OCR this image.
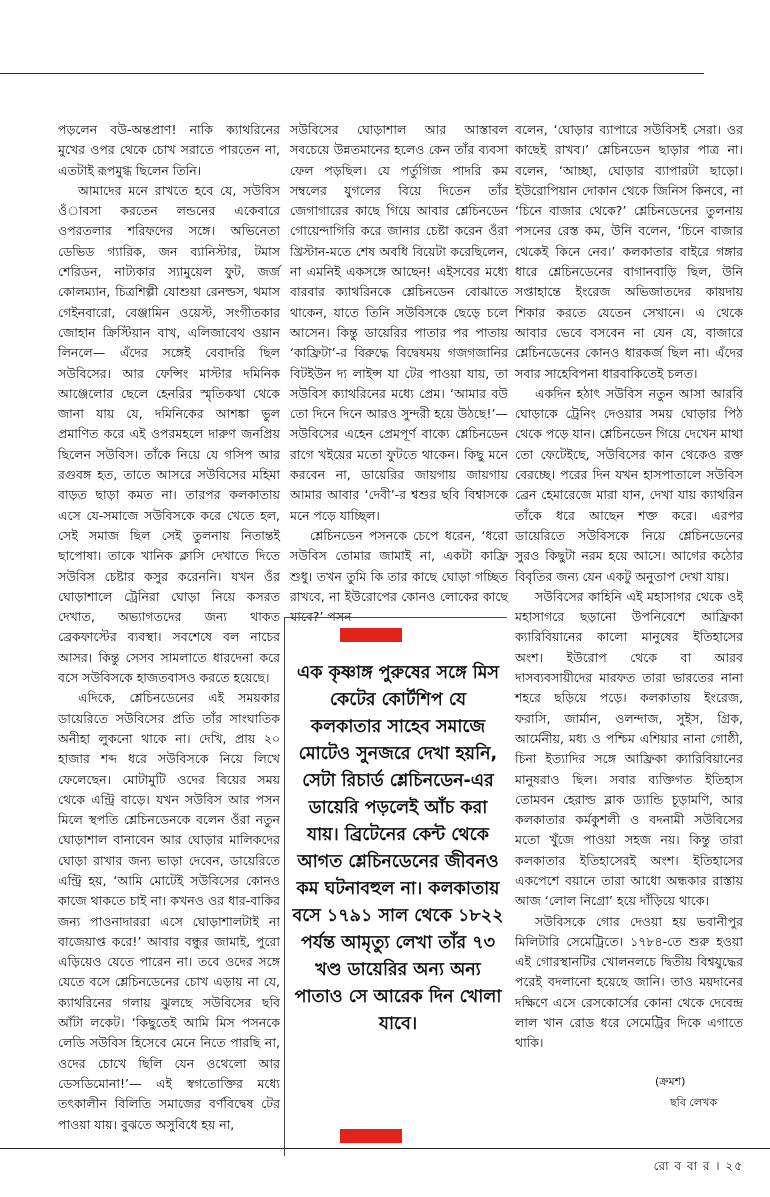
পড়লেন বউ-অন্তপ্রাণ! নাকি ক্যাথরিনের মুখের ওপর থেকে চোখ সরাতে পারতেন না, এতটাই রূপমুগ্ধ ছিলেন তিনি।

আমাদের মনে রাখতে হবে যে, সউবিস ওঁাবসা করতেন লন্ডনের একেবারে ওপরতলার শরিফদের সঙ্গে। অভিনেতা ডেভিড গ্যারিক, জন ব্যানিস্টার, টমাস শেরিডন, নাট্যকার স্যামুয়েল ফুট, জর্জ কোলম্যান, চিত্রশিল্পী যোশুয়া রেনল্ডস, থমাস গেইনবারো, বেঞ্জামিন ওয়েস্ট, সংগীতকার জোহান ক্রিস্টিয়ান বাখ, এলিজাবেথ ওয়ান লিনলে— এঁদের সঙ্গেই বেবাদরি ছিল সউবিসের। আর ফেন্সিং মাস্টার দমিনিক আঞ্জেলোর ছেলে হেনরির স্মৃতিকথা থেকে জানা যায় যে, দমিনিকের আশঙ্কা ভুল প্রমাণিত করে এই ওপরমহলে দারুণ জনপ্রিয় ছিলেন সউবিস। তাঁকে নিয়ে যে গসিপ আর রগুবঙ্গ হত, তাতে আসরে সউবিসের মহিমা বাড়ত ছাড়া কমত না। তারপর কলকাতায় এসে যে-সমাজে সউবিসকে করে খেতে হল, সেই সমাজ ছিল সেই তুলনায় নিতান্তই ছাপোষা। তাকে খানিক ক্লাসি দেখাতে দিতে সউবিস চেষ্টার কসুর করেননি। যখন ওঁর ঘোড়াশালে ট্রেনিরা ঘোড়া নিয়ে কসরত দেখাত, অভ্যাগতদের জন্য থাকত ব্রেকফাস্টের ব্যবস্থা। সবশেষে বল নাচের আসর। কিন্তু সেসব সামলাতে ধারদেনা করে বসে সউবিসকে হাজতবাসও করতে হয়েছে।

এদিকে, শ্লেচিনডেনের এই সময়কার ডায়েরিতে সউবিসের প্রতি তাঁর সাংঘাতিক অনীহা লুকনো থাকে না। দেখি, প্রায় ২০ হাজার শব্দ ধরে সউবিসকে নিয়ে লিখে ফেলেছেন। মোটামুটি ওদের বিয়ের সময় থেকে এন্ট্রি বাড়ে। যখন সউবিস আর পসন মিলে স্থপতি শ্লেচিনডেনকে বলেন ওঁরা নতুন ঘোড়াশাল বানাবেন আর ঘোড়ার মালিকদের ঘোড়া রাখার জন্য ভাড়া দেবেন, ডায়েরিতে এন্ট্রি হয়, ‘আমি মোটেই সউবিসের কোনও কাজে থাকতে চাই না। কখনও ওর ধার-বাকির জন্য পাওনাদাররা এসে ঘোড়াশালটাই না বাজেয়াপ্ত করে!’ আবার বন্ধুর জামাই, পুরো এড়িয়েও যেতে পারেন না। তবে ওদের সঙ্গে যেতে বসে শ্লেচিনডেনের চোখ এড়ায় না যে, ক্যাথরিনের গলায় ঝুলছে সউবিসের ছবি আঁটা লকেট। ‘কিছুতেই আমি মিস পসনকে লেডি সউবিস হিসেবে মেনে নিতে পারছি না, ওদের চোখে ছিলি যেন ওথেলো আর ডেসডিমোনা!’— এই স্বগতোক্তির মধ্যে তৎকালীন বিলিতি সমাজের বর্ণবিদ্বেষ টের পাওয়া যায়। বুঝতে অসুবিধে হয় না,

সউবিসের ঘোড়াশাল আর আস্তাবল সবচেয়ে উন্নতমানের হলেও কেন তাঁর ব্যবসা ফেল পড়ছিল। যে পর্তুগিজ পাদরি কম সম্বলের যুগলের বিয়ে দিতেন তাঁর জেগাগারের কাছে গিয়ে আবার শ্লেচিনডেন গোয়েন্দাগিরি করে জানার চেষ্টা করেন ওঁরা খ্রিস্টান-মতে শেষ অবধি বিয়েটা করেছিলেন, না এমনিই একসঙ্গে আছেন! এইসবের মধ্যে বারবার ক্যাথরিনকে শ্লেচিনডেন বোঝাতে থাকেন, যাতে তিনি সউবিসকে ছেড়ে চলে আসেন। কিন্তু ডায়েরির পাতার পর পাতায় ‘কাফ্রিটা’-র বিরুদ্ধে বিদ্বেষময় গজগজানির বিটইউন দ্য লাইন্স যা টের পাওয়া যায়, তা সউবিস ক্যাথরিনের মধ্যে প্রেম। ‘আমার বউ তো দিনে দিনে আরও সুন্দরী হয়ে উঠছে!’— সউবিসের এহেন প্রেমপূর্ণ বাক্যে শ্লেচিনডেন রাগে খইয়ের মতো ফুটতে থাকেন। কিছু মনে করবেন না, ডায়েরির জায়গায় জায়গায় আমার আবার ‘দেবী’-র শ্বশুর ছবি বিশ্বাসকে মনে পড়ে যাচ্ছিল।

শ্লেচিনডেন পসনকে চেপে ধরেন, ‘ধরো সউবিস তোমার জামাই না, একটা কাফ্রি শুধু। তখন তুমি কি তার কাছে ঘোড়া গচ্ছিত রাখবে, না ইউরোপের কোনও লোকের কাছে যাবে?’ পসন

এক কৃষ্ণাঙ্গ পুরুষের সঙ্গে মিস কেটের কোর্টশিপ যে কলকাতার সাহেব সমাজে মোটেও সুনজরে দেখা হয়নি, সেটা রিচার্ড শ্লেচিনডেন-এর ডায়েরি পড়লেই আঁচ করা যায়। ব্রিটেনের কেন্ট থেকে আগত শ্লেচিনডেনের জীবনও কম ঘটনাবহুল না। কলকাতায় বসে ১৭৯১ সাল থেকে ১৮২২ পর্যন্ত আমৃত্যু লেখা তাঁর ৭৩ খণ্ড ডায়েরির অন্য অন্য পাতাও সে আরেক দিন খোলা যাবে।

বলেন, ‘ঘোড়ার ব্যাপারে সউবিসই সেরা। ওর কাছেই রাখব।’ শ্লেচিনডেন ছাড়ার পাত্র না। বলেন, ‘আচ্ছা, ঘোড়ার ব্যাপারটা ছাড়ো। ইউরোপিয়ান দোকান থেকে জিনিস কিনবে, না ‘চিনে বাজার থেকে?’ শ্লেচিনডেনের তুলনায় পসনের রেস্ত কম, উনি বলেন, ‘চিনে বাজার থেকেই কিনে নেব।’ কলকাতার বাইরে গঙ্গার ধারে শ্লেচিনডেনের বাগানবাড়ি ছিল, উনি সপ্তাহান্তে ইংরেজ অভিজাতদের কায়দায় শিকার করতে যেতেন সেখানে। এ থেকে আবার ভেবে বসবেন না যেন যে, বাজারে শ্লেচিনডেনের কোনও ধারকর্জ ছিল না। এঁদের সবার সাহেবিপনা ধারবাকিতেই চলত।

একদিন হঠাৎ সউবিস নতুন আসা আরবি ঘোড়াকে ট্রেনিং দেওয়ার সময় ঘোড়ার পিঠ থেকে পড়ে যান। শ্লেচিনডেন গিয়ে দেখেন মাথা তো ফেটেইছে, সউবিসের কান থেকেও রক্ত বেরচ্ছে। পরের দিন যখন হাসপাতালে সউবিস ব্রেন হেমারেজে মারা যান, দেখা যায় ক্যাথরিন তাঁকে ধরে আছেন শক্ত করে। এরপর ডায়েরিতে সউবিসকে নিয়ে শ্লেচিনডেনের সুরও কিছুটা নরম হয়ে আসে। আগের কঠোর বিবৃতির জন্য যেন একটু অনুতাপ দেখা যায়।

সউবিসের কাহিনি এই মহাসাগর থেকে ওই মহাসাগরে ছড়ানো উপনিবেশে আফ্রিকা ক্যারিবিয়ানের কালো মানুষের ইতিহাসের অংশ। ইউরোপ থেকে বা আরব দাসব্যবসায়ীদের মারফত তারা ভারতের নানা শহরে ছড়িয়ে পড়ে। কলকাতায় ইংরেজ, ফরাসি, জার্মান, ওলন্দাজ, সুইস, গ্রিক, আর্মেনীয়, মধ্য ও পশ্চিম এশিয়ার নানা গোষ্ঠী, চিনা ইত্যাদির সঙ্গে আফ্রিকা ক্যারিবিয়ানের মানুষরাও ছিল। সবার ব্যক্তিগত ইতিহাস তোমবন হেরাল্ড ব্লাক ড্যান্ডি চূড়ামণি, আর কলকাতার কর্মকুশলী ও বদনামী সউবিসের মতো খুঁজে পাওয়া সহজ নয়। কিন্তু তারা কলকাতার ইতিহাসেরই অংশ। ইতিহাসের একপেশে বয়ানে তারা আধো অন্ধকার রাস্তায় আজ ‘লোল নিগ্রো’ হয়ে দাঁড়িয়ে থাকে।

সউবিসকে গোর দেওয়া হয় ভবানীপুর মিলিটারি সেমেট্রিতে। ১৭৮৪-তে শুরু হওয়া এই গোরস্থানটির খোলনলচে দ্বিতীয় বিশ্বযুদ্ধের পরেই বদলানো হয়েছে জানি। তাও ময়দানের দক্ষিণে এসে রেসকোর্সের কোনা থেকে দেবেন্দ্র লাল খান রোড ধরে সেমেট্রির দিকে এগাতে থাকি।

(ক্রমশ)
ছবি লেখক
রো ব বা র । ২৫
